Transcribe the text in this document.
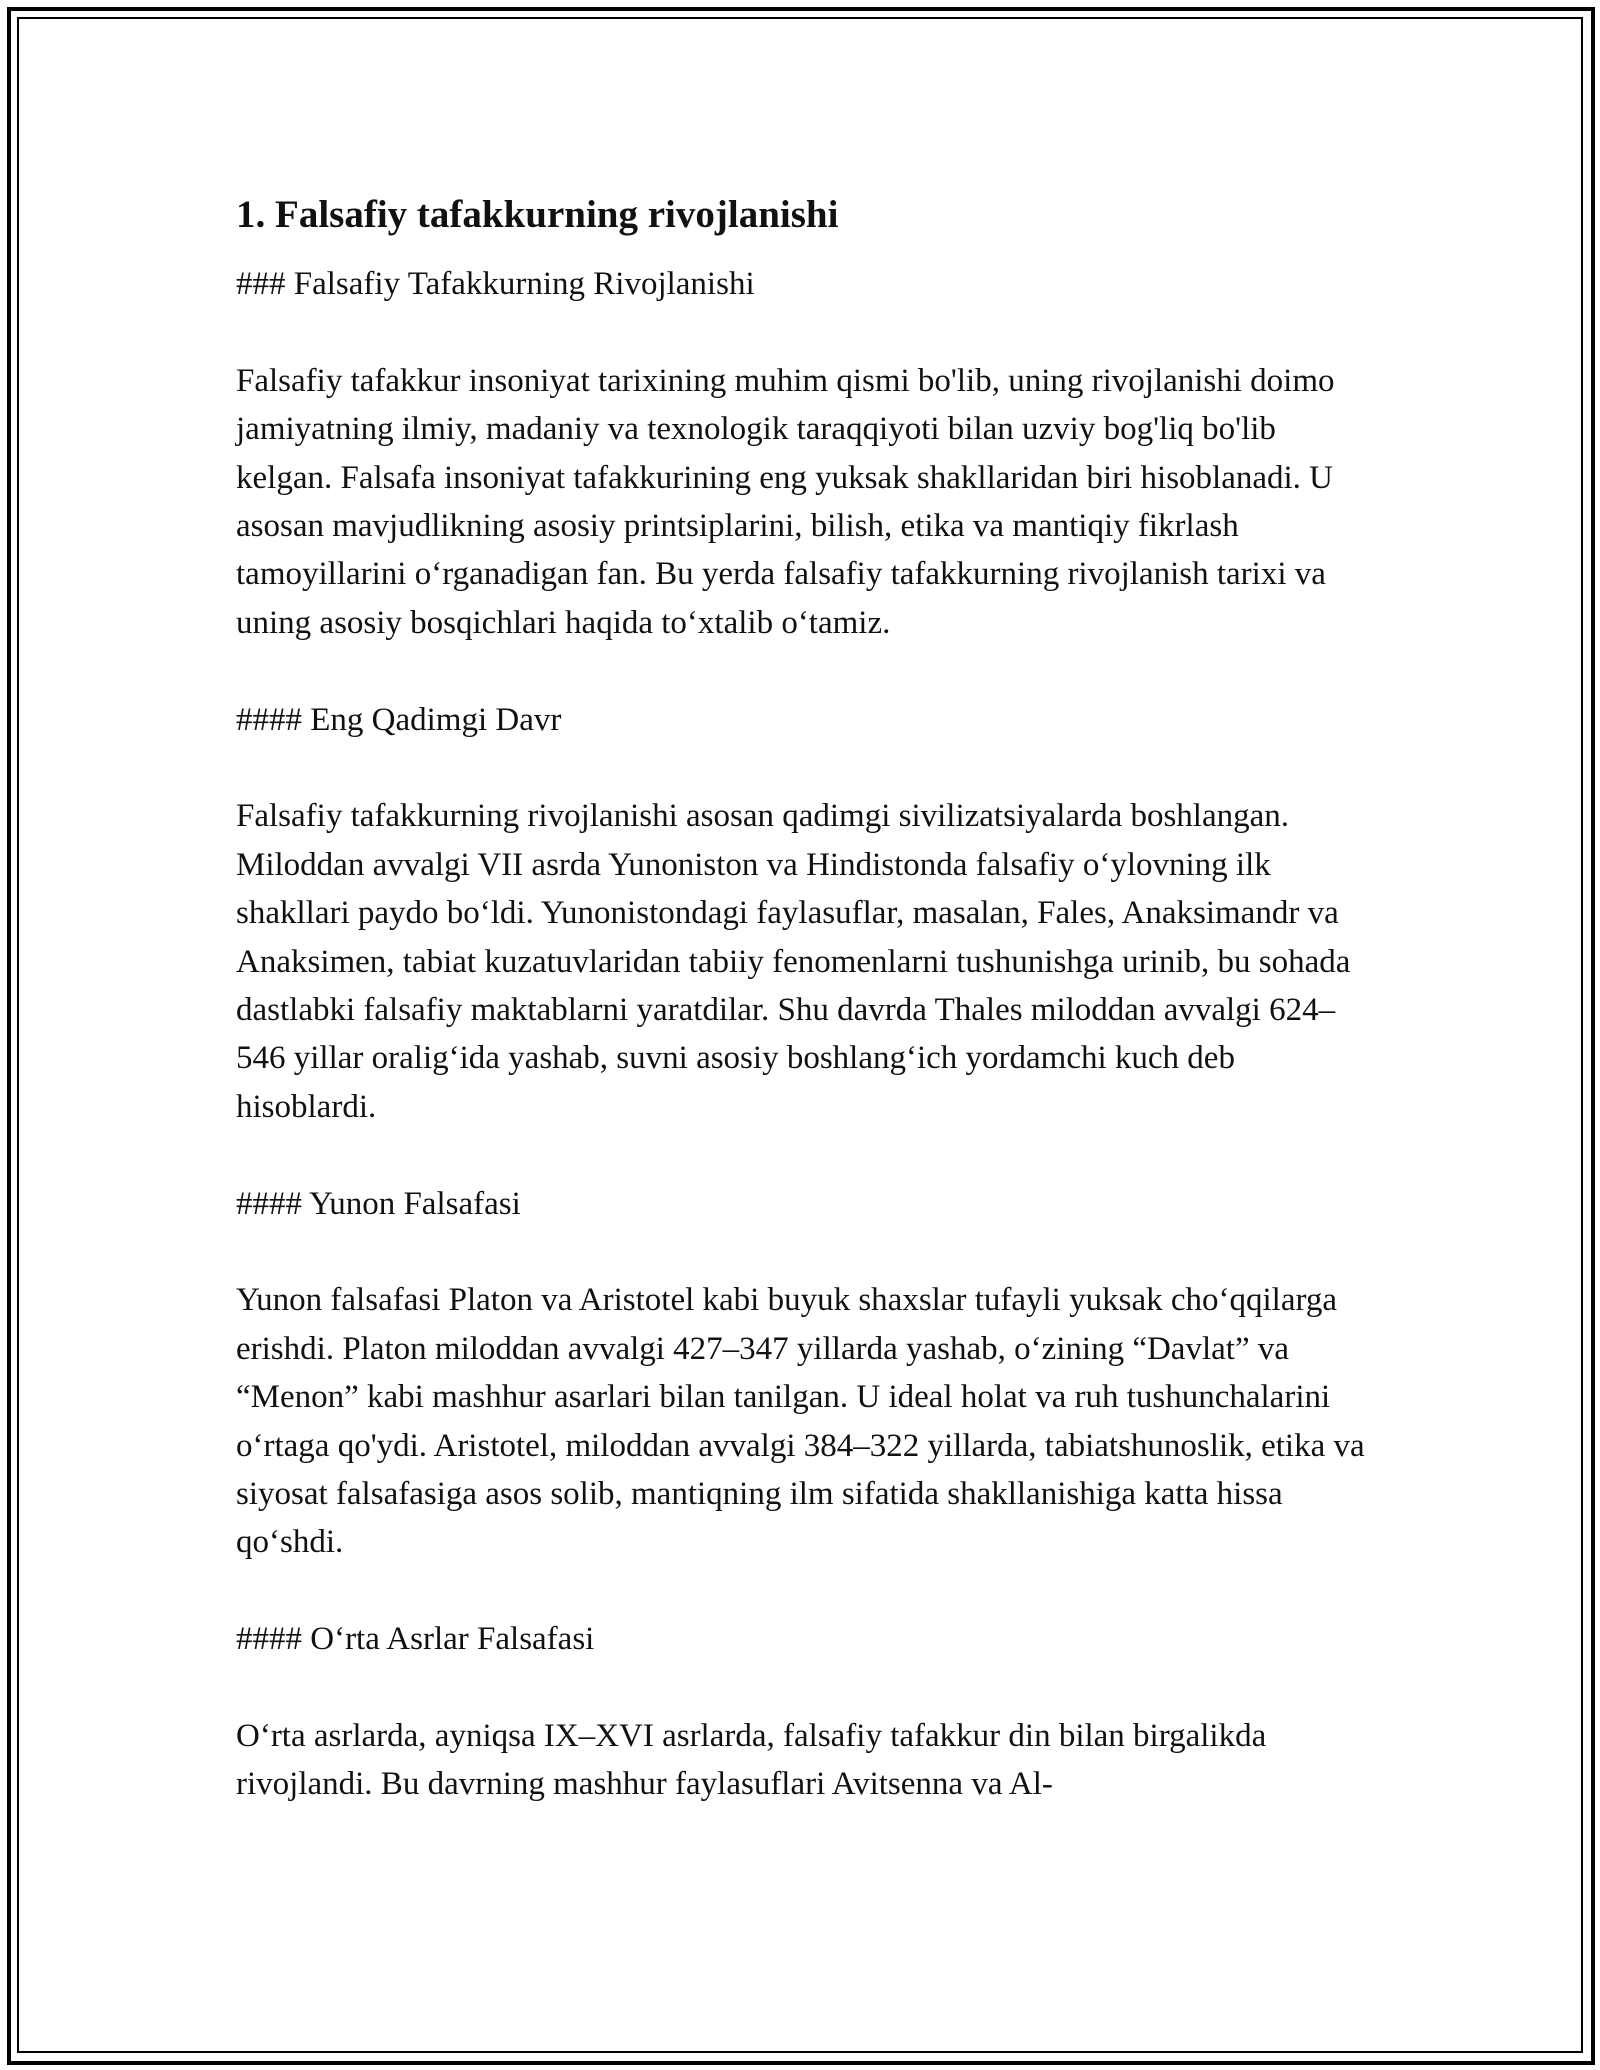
1. Falsafiy tafakkurning rivojlanishi

### Falsafiy Tafakkurning Rivojlanishi

Falsafiy tafakkur insoniyat tarixining muhim qismi bo'lib, uning rivojlanishi doimo jamiyatning ilmiy, madaniy va texnologik taraqqiyoti bilan uzviy bog'liq bo'lib kelgan. Falsafa insoniyat tafakkurining eng yuksak shakllaridan biri hisoblanadi. U asosan mavjudlikning asosiy printsiplarini, bilish, etika va mantiqiy fikrlash tamoyillarini o‘rganadigan fan. Bu yerda falsafiy tafakkurning rivojlanish tarixi va uning asosiy bosqichlari haqida to‘xtalib o‘tamiz.

#### Eng Qadimgi Davr

Falsafiy tafakkurning rivojlanishi asosan qadimgi sivilizatsiyalarda boshlangan. Miloddan avvalgi VII asrda Yunoniston va Hindistonda falsafiy o‘ylovning ilk shakllari paydo bo‘ldi. Yunonistondagi faylasuflar, masalan, Fales, Anaksimandr va Anaksimen, tabiat kuzatuvlaridan tabiiy fenomenlarni tushunishga urinib, bu sohada dastlabki falsafiy maktablarni yaratdilar. Shu davrda Thales miloddan avvalgi 624–546 yillar oralig‘ida yashab, suvni asosiy boshlang‘ich yordamchi kuch deb hisoblardi.

#### Yunon Falsafasi

Yunon falsafasi Platon va Aristotel kabi buyuk shaxslar tufayli yuksak cho‘qqilarga erishdi. Platon miloddan avvalgi 427–347 yillarda yashab, o‘zining “Davlat” va “Menon” kabi mashhur asarlari bilan tanilgan. U ideal holat va ruh tushunchalarini o‘rtaga qo'ydi. Aristotel, miloddan avvalgi 384–322 yillarda, tabiatshunoslik, etika va siyosat falsafasiga asos solib, mantiqning ilm sifatida shakllanishiga katta hissa qo‘shdi.

#### O‘rta Asrlar Falsafasi

O‘rta asrlarda, ayniqsa IX–XVI asrlarda, falsafiy tafakkur din bilan birgalikda rivojlandi. Bu davrning mashhur faylasuflari Avitsenna va Al-
